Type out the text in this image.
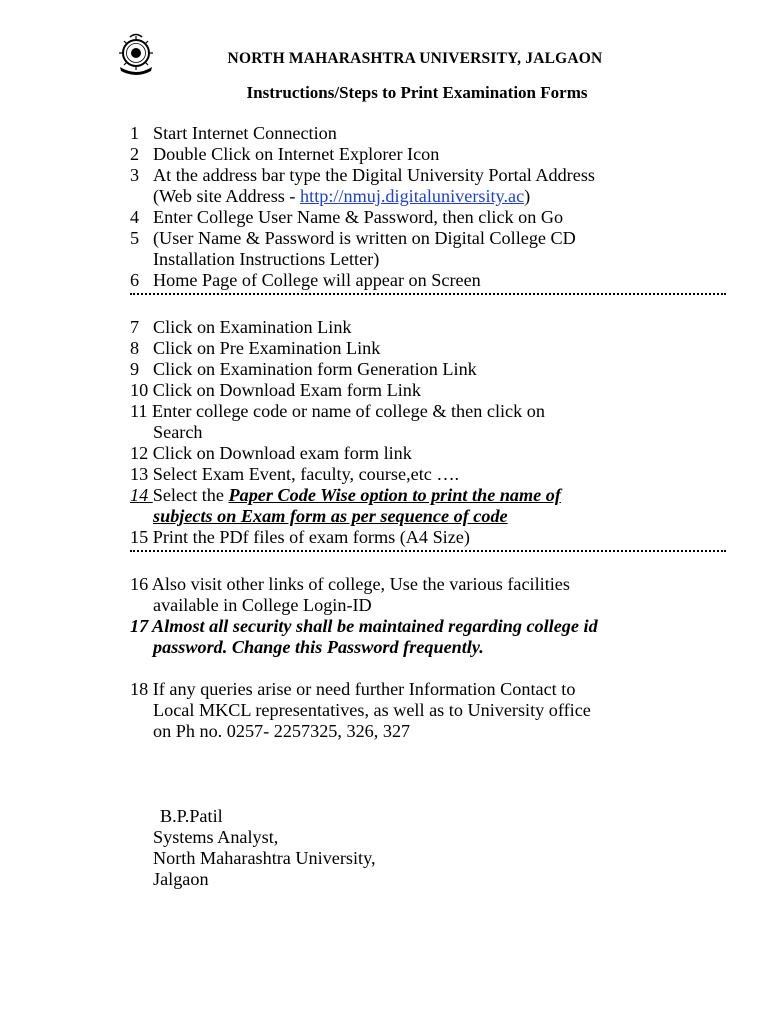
NORTH MAHARASHTRA UNIVERSITY, JALGAON
Instructions/Steps to Print Examination Forms
1 Start Internet Connection
2 Double Click on Internet Explorer Icon
3 At the address bar type the Digital University Portal Address
(Web site Address - http://nmuj.digitaluniversity.ac)
4 Enter College User Name & Password, then click on Go
5 (User Name & Password is written on Digital College CD
Installation Instructions Letter)
6 Home Page of College will appear on Screen
7 Click on Examination Link
8 Click on Pre Examination Link
9 Click on Examination form Generation Link
10 Click on Download Exam form Link
11 Enter college code or name of college & then click on
Search
12 Click on Download exam form link
13 Select Exam Event, faculty, course,etc ….
14 Select the Paper Code Wise option to print the name of
subjects on Exam form as per sequence of code
15 Print the PDf files of exam forms (A4 Size)
16 Also visit other links of college, Use the various facilities
available in College Login-ID
17 Almost all security shall be maintained regarding college id
password. Change this Password frequently.
18 If any queries arise or need further Information Contact to
Local MKCL representatives, as well as to University office
on Ph no. 0257- 2257325, 326, 327
B.P.Patil
Systems Analyst,
North Maharashtra University,
Jalgaon
